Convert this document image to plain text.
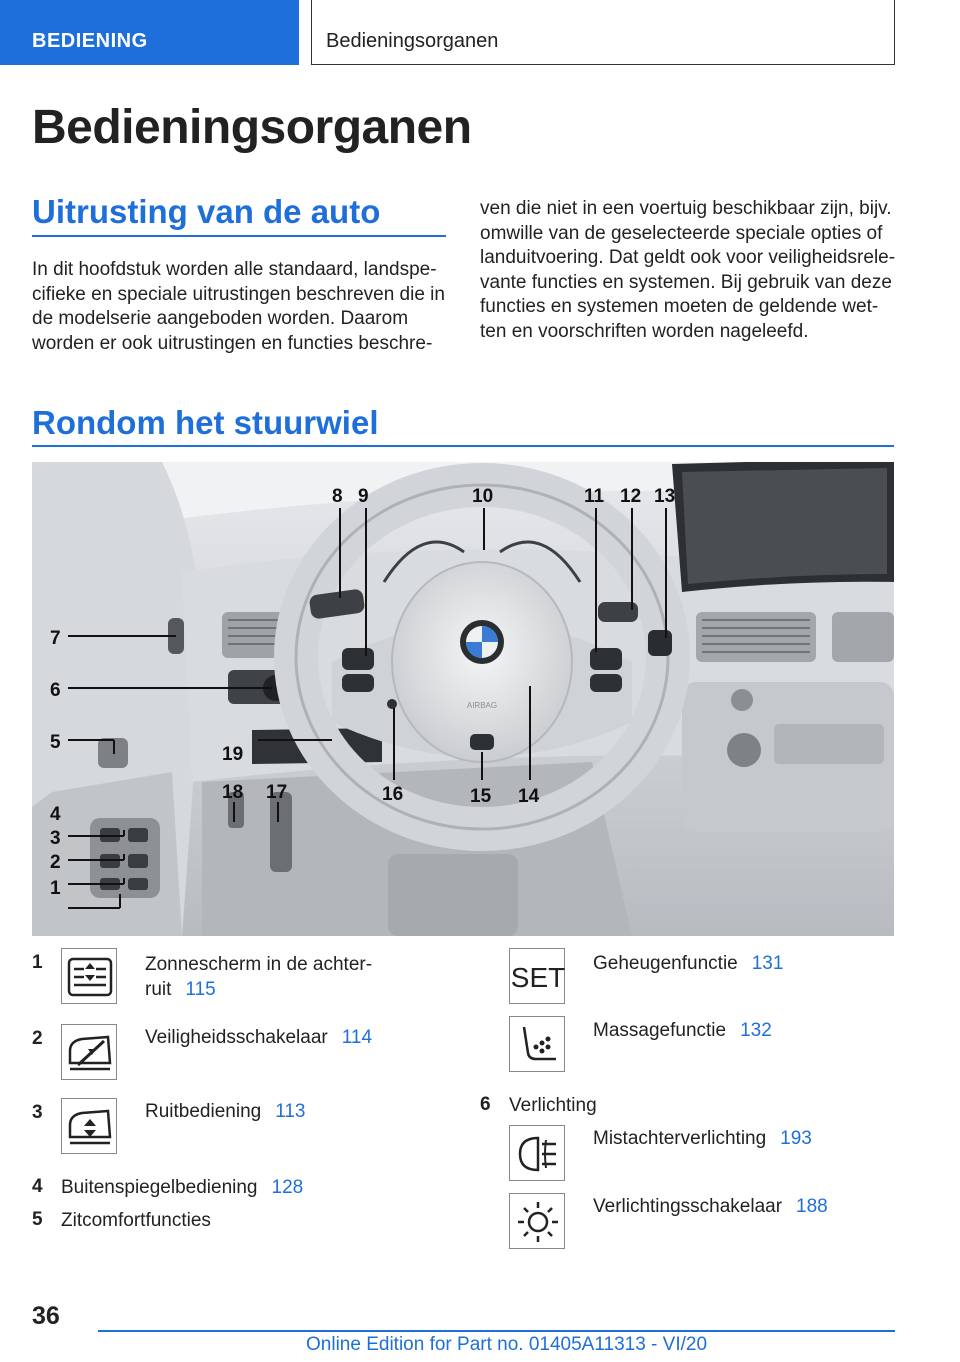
BEDIENING	Bedieningsorganen
Bedieningsorganen
Uitrusting van de auto
In dit hoofdstuk worden alle standaard, landspe-
cifieke en speciale uitrustingen beschreven die in
de modelserie aangeboden worden. Daarom
worden er ook uitrustingen en functies beschre-
ven die niet in een voertuig beschikbaar zijn, bijv.
omwille van de geselecteerde speciale opties of
landuitvoering. Dat geldt ook voor veiligheidsrele-
vante functies en systemen. Bij gebruik van deze
functies en systemen moeten de geldende wet-
ten en voorschriften worden nageleefd.
Rondom het stuurwiel
AIRBAG
1
2
3
4
5
6
7
8 9	10	11 12 13
14
15
16
17
18
19
1	Zonnescherm in de achter-
ruit 115
2	Veiligheidsschakelaar 114
3	Ruitbediening 113
4 Buitenspiegelbediening 128
5 Zitcomfortfuncties
SET Geheugenfunctie 131
Massagefunctie 132
6 Verlichting
Mistachterverlichting 193
Verlichtingsschakelaar 188
36
Online Edition for Part no. 01405A11313 - VI/20
